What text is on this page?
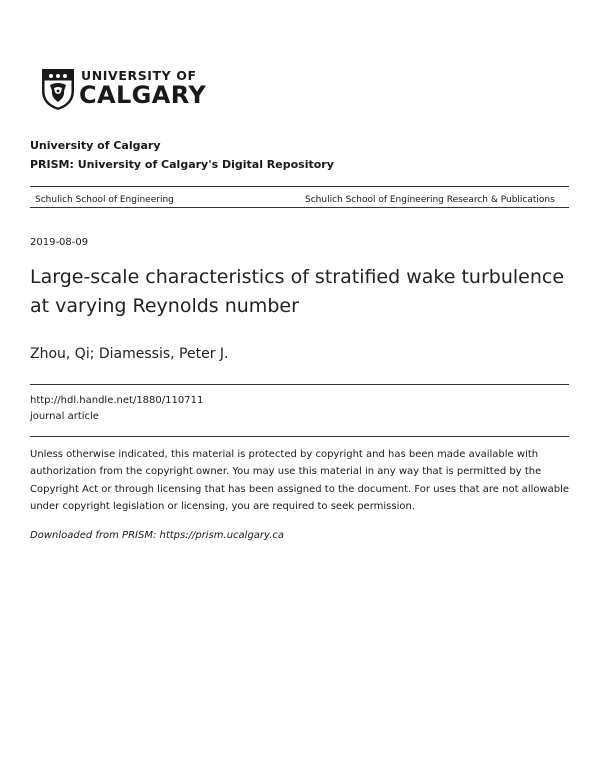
UNIVERSITY OF
CALGARY
University of Calgary
PRISM: University of Calgary's Digital Repository
Schulich School of Engineering	Schulich School of Engineering Research & Publications
2019-08-09
Large-scale characteristics of stratified wake turbulence at varying Reynolds number
Zhou, Qi; Diamessis, Peter J.
http://hdl.handle.net/1880/110711
journal article

Unless otherwise indicated, this material is protected by copyright and has been made available with authorization from the copyright owner. You may use this material in any way that is permitted by the Copyright Act or through licensing that has been assigned to the document. For uses that are not allowable under copyright legislation or licensing, you are required to seek permission.

Downloaded from PRISM: https://prism.ucalgary.ca
